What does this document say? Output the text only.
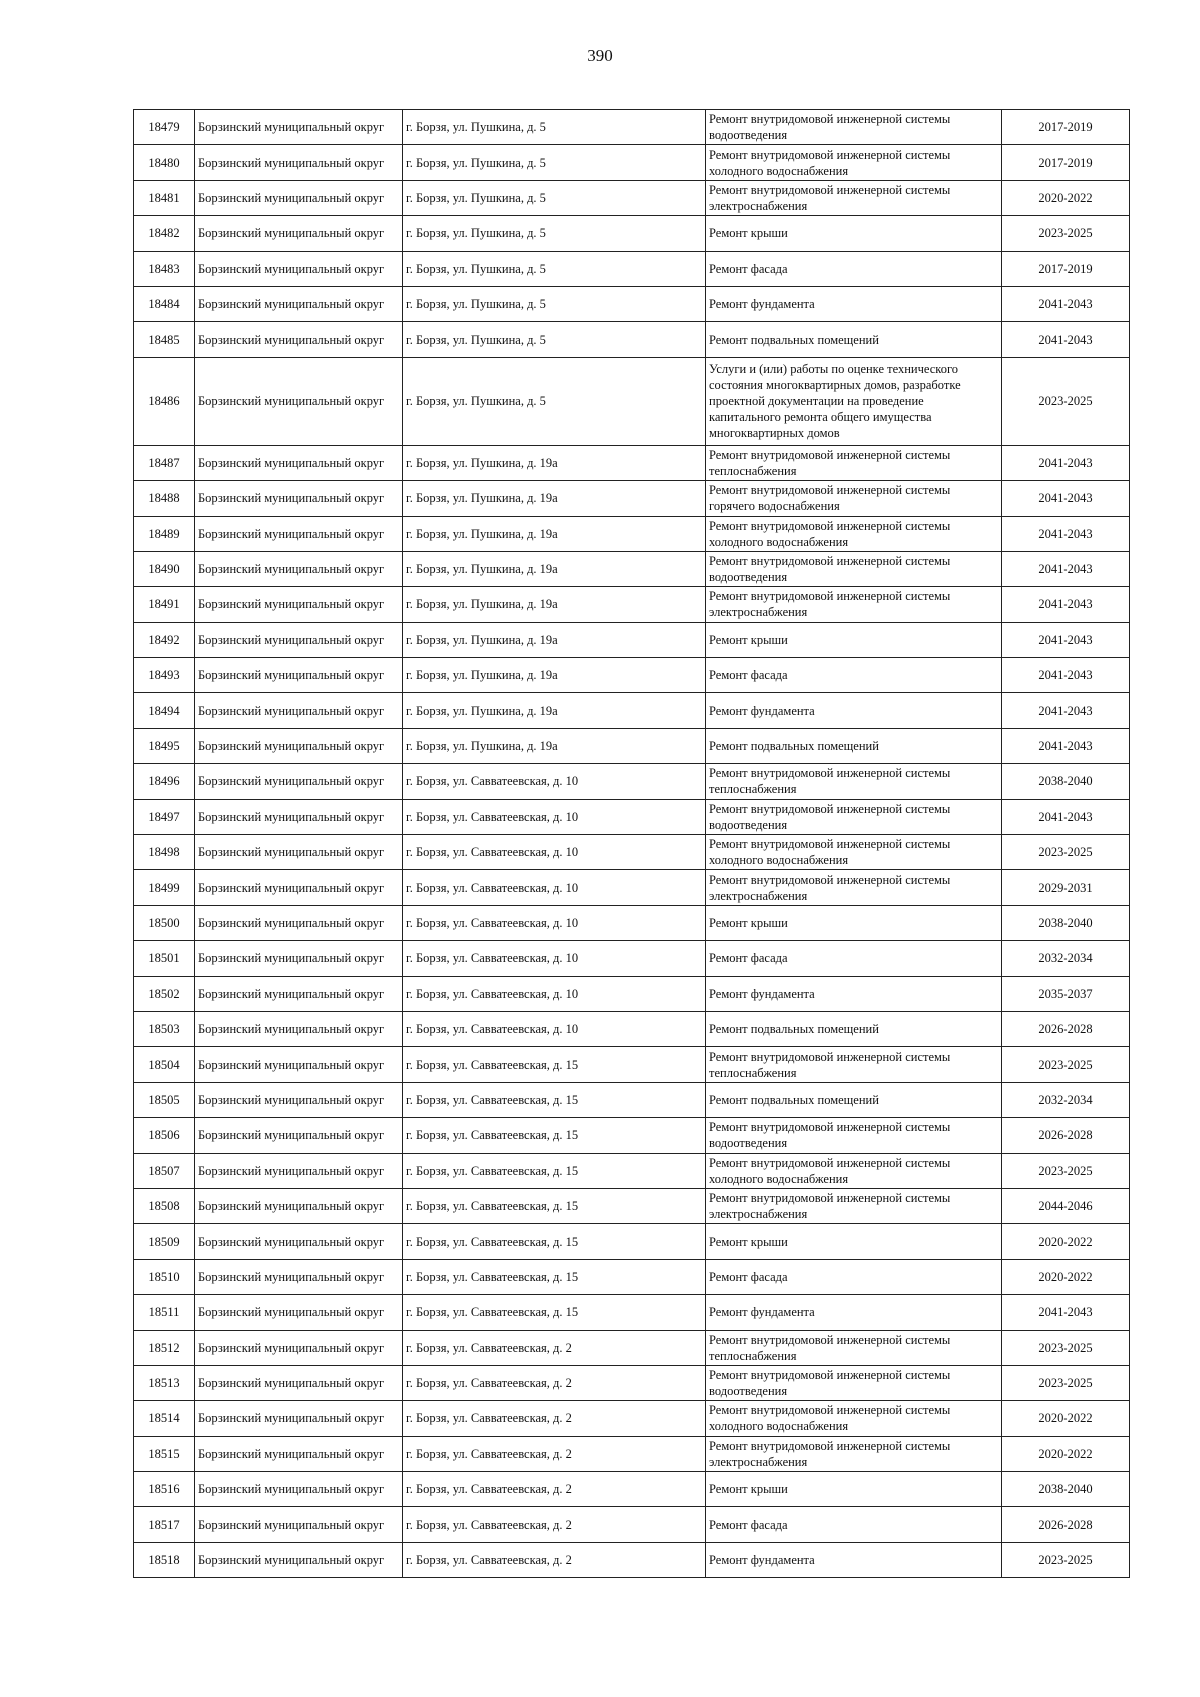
390
18479	Борзинский муниципальный округ	г. Борзя, ул. Пушкина, д. 5	Ремонт внутридомовой инженерной системы водоотведения	2017-2019
18480	Борзинский муниципальный округ	г. Борзя, ул. Пушкина, д. 5	Ремонт внутридомовой инженерной системы холодного водоснабжения	2017-2019
18481	Борзинский муниципальный округ	г. Борзя, ул. Пушкина, д. 5	Ремонт внутридомовой инженерной системы электроснабжения	2020-2022
18482	Борзинский муниципальный округ	г. Борзя, ул. Пушкина, д. 5	Ремонт крыши	2023-2025
18483	Борзинский муниципальный округ	г. Борзя, ул. Пушкина, д. 5	Ремонт фасада	2017-2019
18484	Борзинский муниципальный округ	г. Борзя, ул. Пушкина, д. 5	Ремонт фундамента	2041-2043
18485	Борзинский муниципальный округ	г. Борзя, ул. Пушкина, д. 5	Ремонт подвальных помещений	2041-2043
18486	Борзинский муниципальный округ	г. Борзя, ул. Пушкина, д. 5	Услуги и (или) работы по оценке технического состояния многоквартирных домов, разработке проектной документации на проведение капитального ремонта общего имущества многоквартирных домов	2023-2025
18487	Борзинский муниципальный округ	г. Борзя, ул. Пушкина, д. 19а	Ремонт внутридомовой инженерной системы теплоснабжения	2041-2043
18488	Борзинский муниципальный округ	г. Борзя, ул. Пушкина, д. 19а	Ремонт внутридомовой инженерной системы горячего водоснабжения	2041-2043
18489	Борзинский муниципальный округ	г. Борзя, ул. Пушкина, д. 19а	Ремонт внутридомовой инженерной системы холодного водоснабжения	2041-2043
18490	Борзинский муниципальный округ	г. Борзя, ул. Пушкина, д. 19а	Ремонт внутридомовой инженерной системы водоотведения	2041-2043
18491	Борзинский муниципальный округ	г. Борзя, ул. Пушкина, д. 19а	Ремонт внутридомовой инженерной системы электроснабжения	2041-2043
18492	Борзинский муниципальный округ	г. Борзя, ул. Пушкина, д. 19а	Ремонт крыши	2041-2043
18493	Борзинский муниципальный округ	г. Борзя, ул. Пушкина, д. 19а	Ремонт фасада	2041-2043
18494	Борзинский муниципальный округ	г. Борзя, ул. Пушкина, д. 19а	Ремонт фундамента	2041-2043
18495	Борзинский муниципальный округ	г. Борзя, ул. Пушкина, д. 19а	Ремонт подвальных помещений	2041-2043
18496	Борзинский муниципальный округ	г. Борзя, ул. Савватеевская, д. 10	Ремонт внутридомовой инженерной системы теплоснабжения	2038-2040
18497	Борзинский муниципальный округ	г. Борзя, ул. Савватеевская, д. 10	Ремонт внутридомовой инженерной системы водоотведения	2041-2043
18498	Борзинский муниципальный округ	г. Борзя, ул. Савватеевская, д. 10	Ремонт внутридомовой инженерной системы холодного водоснабжения	2023-2025
18499	Борзинский муниципальный округ	г. Борзя, ул. Савватеевская, д. 10	Ремонт внутридомовой инженерной системы электроснабжения	2029-2031
18500	Борзинский муниципальный округ	г. Борзя, ул. Савватеевская, д. 10	Ремонт крыши	2038-2040
18501	Борзинский муниципальный округ	г. Борзя, ул. Савватеевская, д. 10	Ремонт фасада	2032-2034
18502	Борзинский муниципальный округ	г. Борзя, ул. Савватеевская, д. 10	Ремонт фундамента	2035-2037
18503	Борзинский муниципальный округ	г. Борзя, ул. Савватеевская, д. 10	Ремонт подвальных помещений	2026-2028
18504	Борзинский муниципальный округ	г. Борзя, ул. Савватеевская, д. 15	Ремонт внутридомовой инженерной системы теплоснабжения	2023-2025
18505	Борзинский муниципальный округ	г. Борзя, ул. Савватеевская, д. 15	Ремонт подвальных помещений	2032-2034
18506	Борзинский муниципальный округ	г. Борзя, ул. Савватеевская, д. 15	Ремонт внутридомовой инженерной системы водоотведения	2026-2028
18507	Борзинский муниципальный округ	г. Борзя, ул. Савватеевская, д. 15	Ремонт внутридомовой инженерной системы холодного водоснабжения	2023-2025
18508	Борзинский муниципальный округ	г. Борзя, ул. Савватеевская, д. 15	Ремонт внутридомовой инженерной системы электроснабжения	2044-2046
18509	Борзинский муниципальный округ	г. Борзя, ул. Савватеевская, д. 15	Ремонт крыши	2020-2022
18510	Борзинский муниципальный округ	г. Борзя, ул. Савватеевская, д. 15	Ремонт фасада	2020-2022
18511	Борзинский муниципальный округ	г. Борзя, ул. Савватеевская, д. 15	Ремонт фундамента	2041-2043
18512	Борзинский муниципальный округ	г. Борзя, ул. Савватеевская, д. 2	Ремонт внутридомовой инженерной системы теплоснабжения	2023-2025
18513	Борзинский муниципальный округ	г. Борзя, ул. Савватеевская, д. 2	Ремонт внутридомовой инженерной системы водоотведения	2023-2025
18514	Борзинский муниципальный округ	г. Борзя, ул. Савватеевская, д. 2	Ремонт внутридомовой инженерной системы холодного водоснабжения	2020-2022
18515	Борзинский муниципальный округ	г. Борзя, ул. Савватеевская, д. 2	Ремонт внутридомовой инженерной системы электроснабжения	2020-2022
18516	Борзинский муниципальный округ	г. Борзя, ул. Савватеевская, д. 2	Ремонт крыши	2038-2040
18517	Борзинский муниципальный округ	г. Борзя, ул. Савватеевская, д. 2	Ремонт фасада	2026-2028
18518	Борзинский муниципальный округ	г. Борзя, ул. Савватеевская, д. 2	Ремонт фундамента	2023-2025
